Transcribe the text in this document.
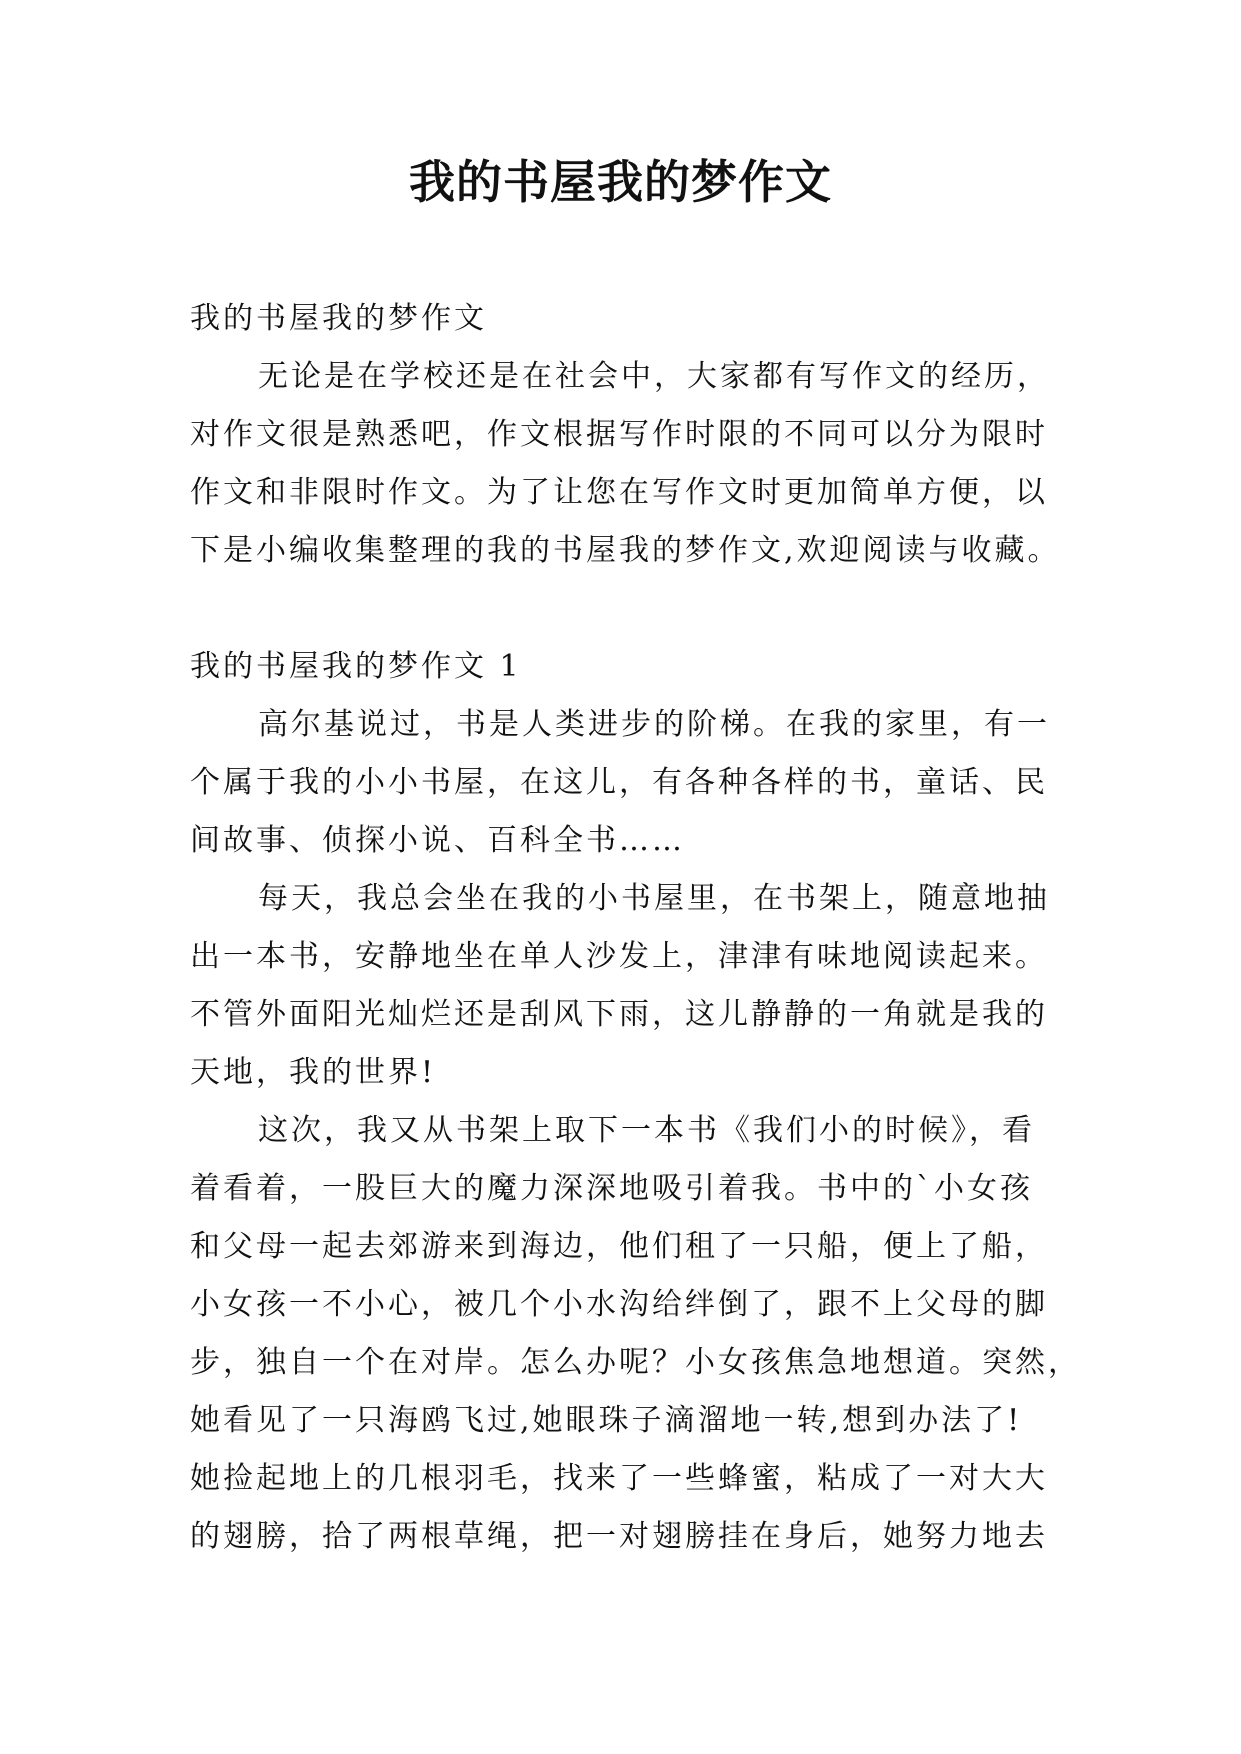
我的书屋我的梦作文

我的书屋我的梦作文

无论是在学校还是在社会中，大家都有写作文的经历，

对作文很是熟悉吧，作文根据写作时限的不同可以分为限时

作文和非限时作文。为了让您在写作文时更加简单方便，以

下是小编收集整理的我的书屋我的梦作文,欢迎阅读与收藏。

我的书屋我的梦作文 1

高尔基说过，书是人类进步的阶梯。在我的家里，有一

个属于我的小小书屋，在这儿，有各种各样的书，童话、民

间故事、侦探小说、百科全书……

每天，我总会坐在我的小书屋里，在书架上，随意地抽

出一本书，安静地坐在单人沙发上，津津有味地阅读起来。

不管外面阳光灿烂还是刮风下雨，这儿静静的一角就是我的

天地，我的世界!

这次，我又从书架上取下一本书《我们小的时候》，看

着看着，一股巨大的魔力深深地吸引着我。书中的`小女孩

和父母一起去郊游来到海边，他们租了一只船，便上了船，

小女孩一不小心，被几个小水沟给绊倒了，跟不上父母的脚

步，独自一个在对岸。怎么办呢？小女孩焦急地想道。突然，

她看见了一只海鸥飞过,她眼珠子滴溜地一转,想到办法了!

她捡起地上的几根羽毛，找来了一些蜂蜜，粘成了一对大大

的翅膀，拾了两根草绳，把一对翅膀挂在身后，她努力地去
